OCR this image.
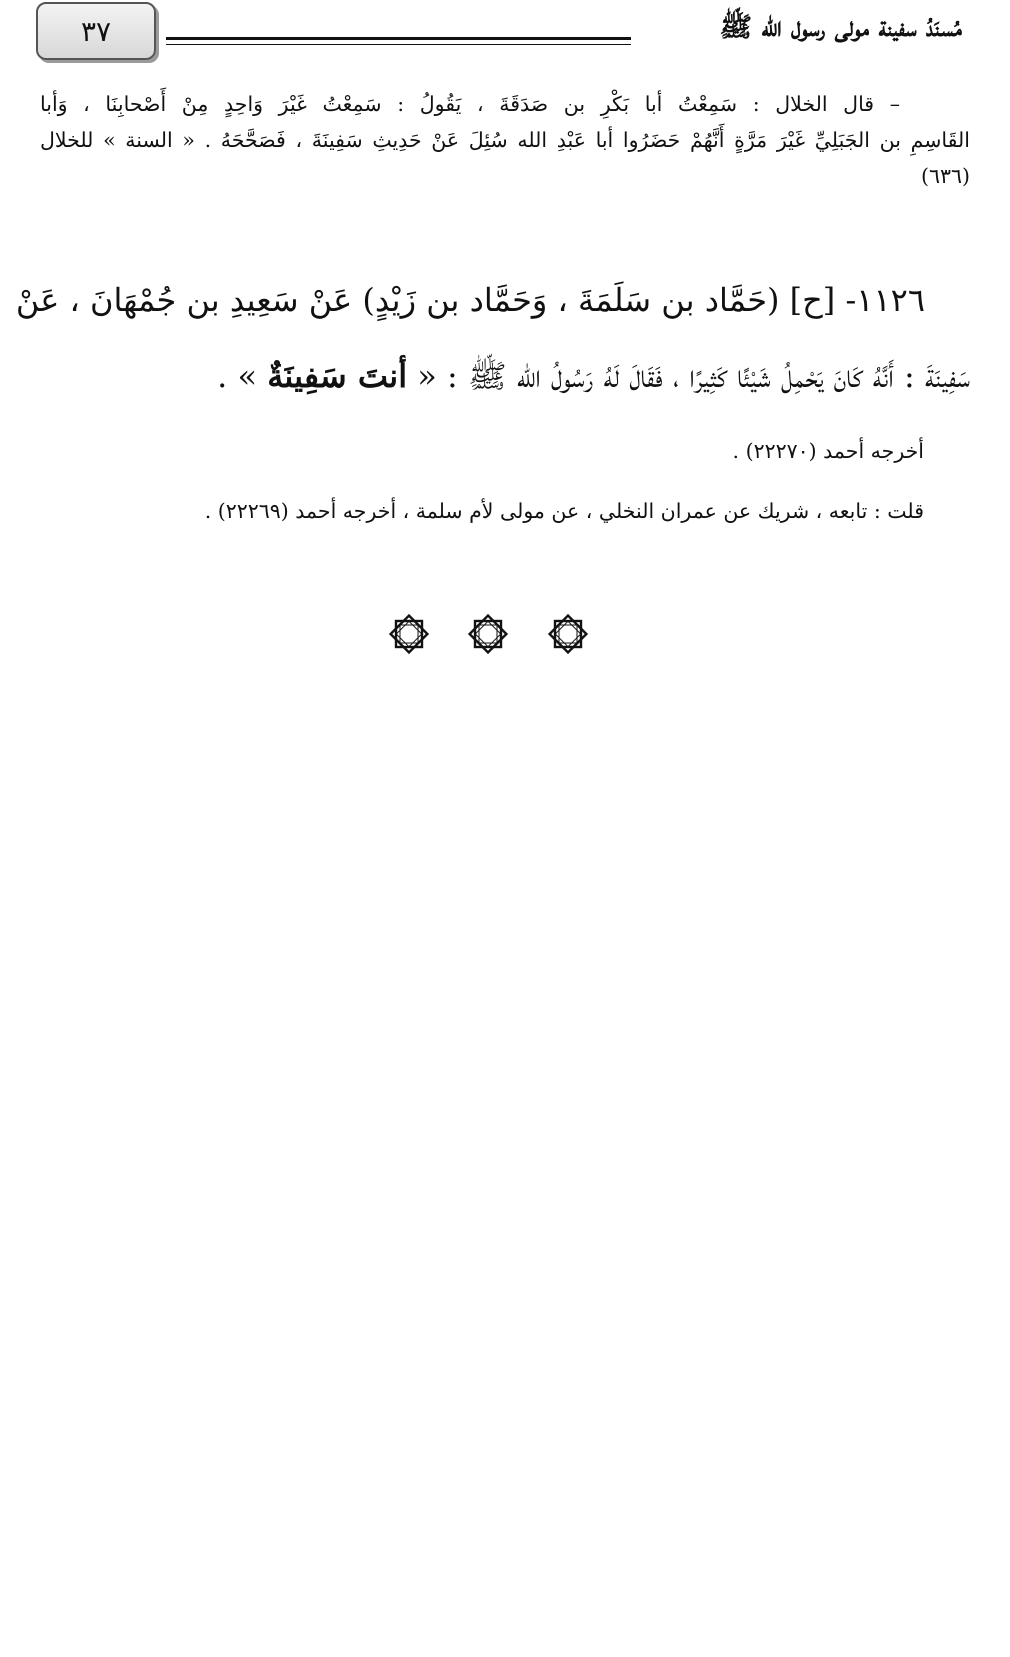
٣٧	مُسنَدُ سفينة مولى رسول الله ﷺ
– قال الخلال : سَمِعْتُ أبا بَكْرِ بن صَدَقَةَ ، يَقُولُ : سَمِعْتُ غَيْرَ وَاحِدٍ مِنْ أَصْحابِنَا ، وَأبا
القَاسِمِ بن الجَبَلِيِّ غَيْرَ مَرَّةٍ أَنَّهُمْ حَضَرُوا أبا عَبْدِ الله سُئِلَ عَنْ حَدِيثِ سَفِينَةَ ، فَصَحَّحَهُ . « السنة » للخلال
(٦٣٦)
١١٢٦- [ح] (حَمَّاد بن سَلَمَةَ ، وَحَمَّاد بن زَيْدٍ) عَنْ سَعِيدِ بن جُمْهَانَ ، عَنْ
سَفِينَةَ : أَنَّهُ كَانَ يَحْمِلُ شَيْئًا كَثِيرًا ، فَقَالَ لَهُ رَسُولُ الله ﷺ : « أنتَ سَفِينَةٌ » .
أخرجه أحمد (٢٢٢٧٠) .
قلت : تابعه ، شريك عن عمران النخلي ، عن مولى لأم سلمة ، أخرجه أحمد (٢٢٢٦٩) .
